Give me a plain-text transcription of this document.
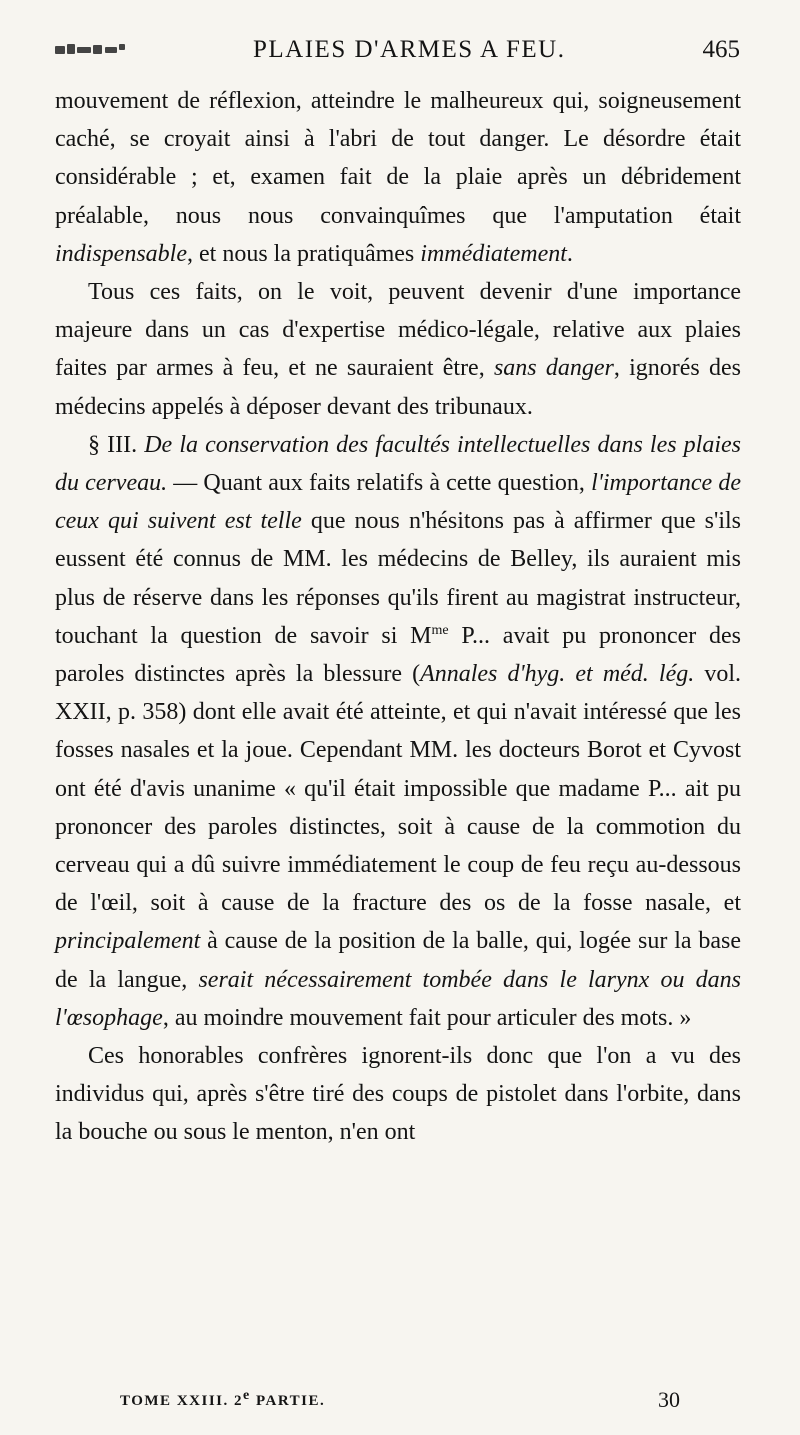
PLAIES D'ARMES A FEU.	465

mouvement de réflexion, atteindre le malheureux qui, soigneusement caché, se croyait ainsi à l'abri de tout danger. Le désordre était considérable ; et, examen fait de la plaie après un débridement préalable, nous nous convainquîmes que l'amputation était indispensable, et nous la pratiquâmes immédiatement.

Tous ces faits, on le voit, peuvent devenir d'une importance majeure dans un cas d'expertise médico-légale, relative aux plaies faites par armes à feu, et ne sauraient être, sans danger, ignorés des médecins appelés à déposer devant des tribunaux.

§ III. De la conservation des facultés intellectuelles dans les plaies du cerveau. — Quant aux faits relatifs à cette question, l'importance de ceux qui suivent est telle que nous n'hésitons pas à affirmer que s'ils eussent été connus de MM. les médecins de Belley, ils auraient mis plus de réserve dans les réponses qu'ils firent au magistrat instructeur, touchant la question de savoir si $M^{me}$ P... avait pu prononcer des paroles distinctes après la blessure (Annales d'hyg. et méd. lég. vol. XXII, p. 358) dont elle avait été atteinte, et qui n'avait intéressé que les fosses nasales et la joue. Cependant MM. les docteurs Borot et Cyvost ont été d'avis unanime « qu'il était impossible que madame P... ait pu prononcer des paroles distinctes, soit à cause de la commotion du cerveau qui a dû suivre immédiatement le coup de feu reçu au-dessous de l'œil, soit à cause de la fracture des os de la fosse nasale, et principalement à cause de la position de la balle, qui, logée sur la base de la langue, serait nécessairement tombée dans le larynx ou dans l'œsophage, au moindre mouvement fait pour articuler des mots. »

Ces honorables confrères ignorent-ils donc que l'on a vu des individus qui, après s'être tiré des coups de pistolet dans l'orbite, dans la bouche ou sous le menton, n'en ont

TOME XXIII. 2e PARTIE.	30
